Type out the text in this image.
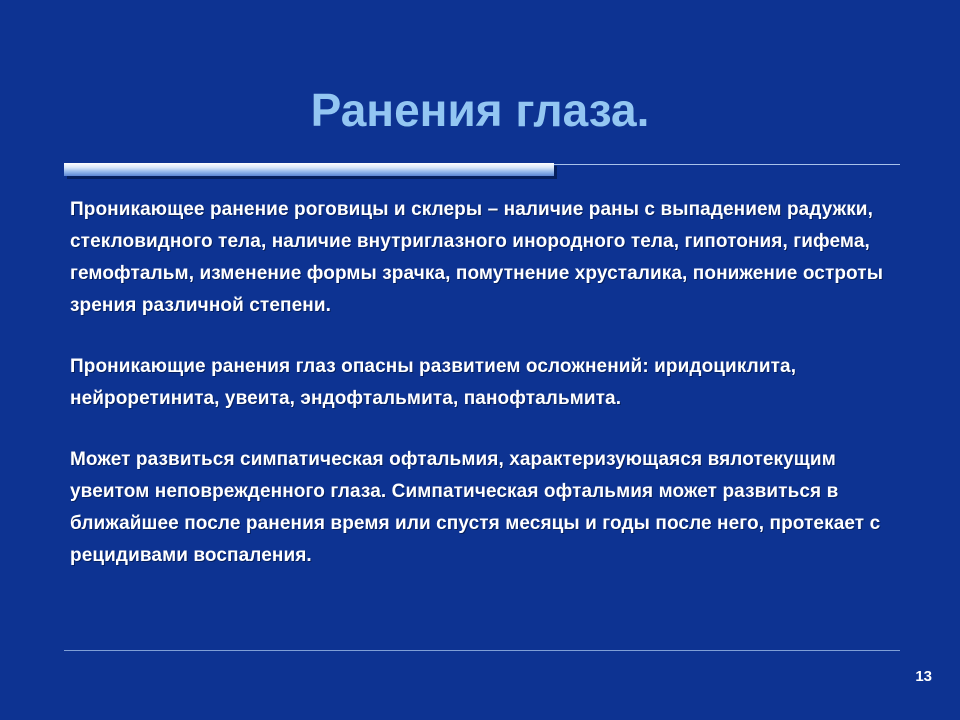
Ранения глаза.

Проникающее ранение роговицы и склеры – наличие раны с выпадением радужки, стекловидного тела, наличие внутриглазного инородного тела, гипотония, гифема, гемофтальм, изменение формы зрачка, помутнение хрусталика, понижение остроты зрения различной степени.

Проникающие ранения глаз опасны развитием осложнений: иридоциклита, нейроретинита, увеита, эндофтальмита, панофтальмита.

Может развиться симпатическая офтальмия, характеризующаяся вялотекущим увеитом неповрежденного глаза. Симпатическая офтальмия может развиться в ближайшее после ранения время или спустя месяцы и годы после него, протекает с рецидивами воспаления.

13
